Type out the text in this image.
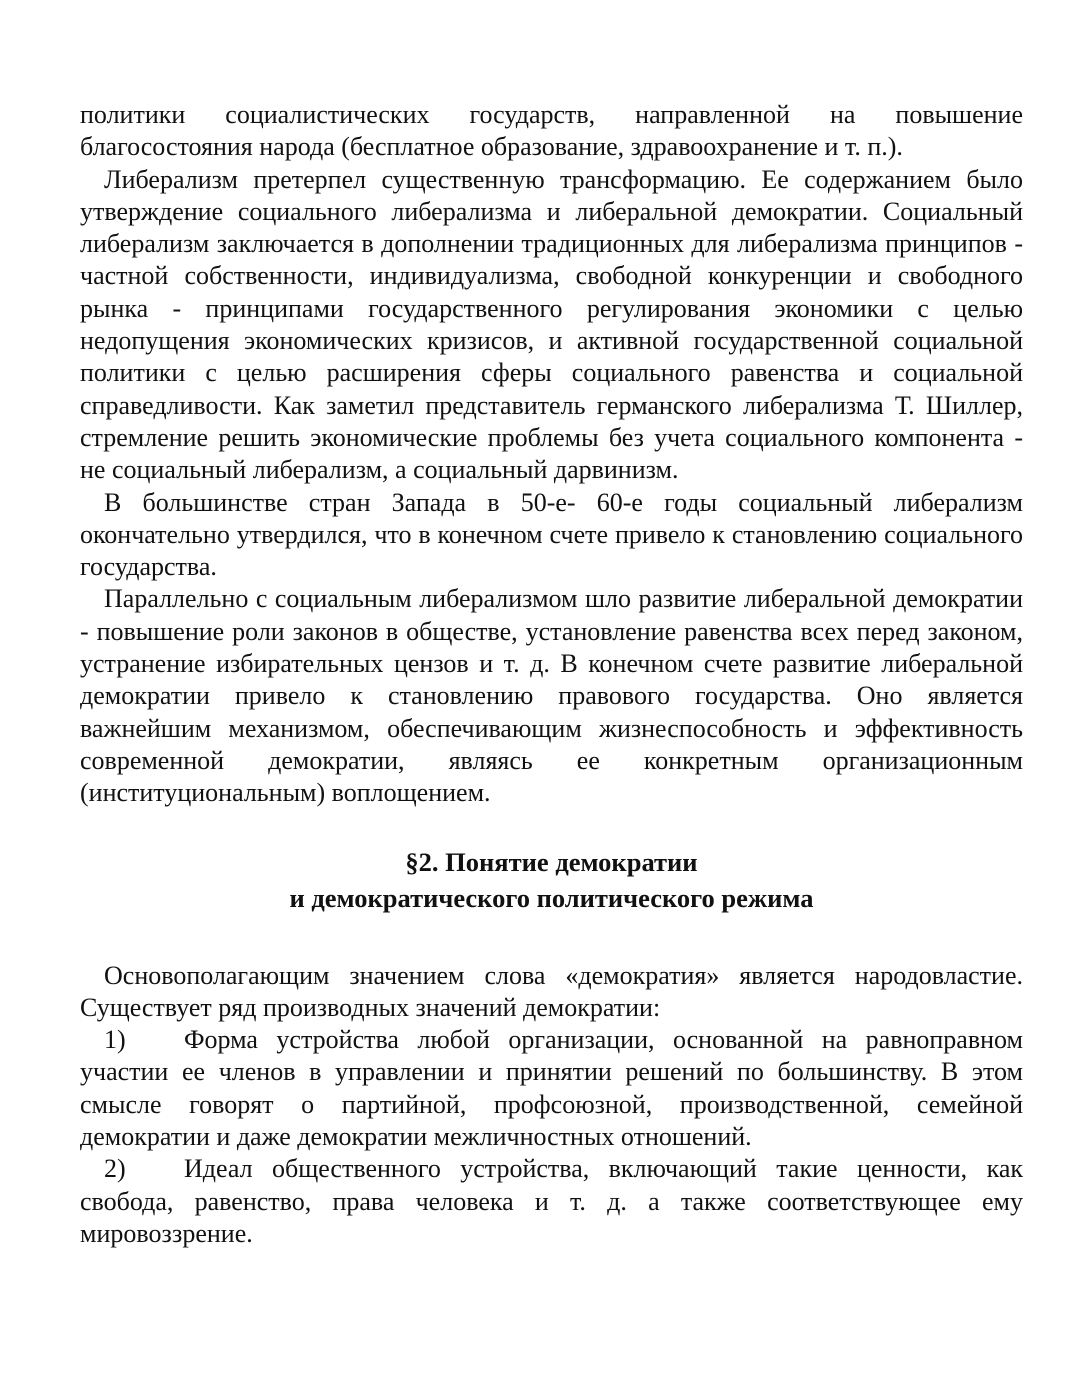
политики социалистических государств, направленной на повышение благосостояния народа (бесплатное образование, здравоохранение и т. п.).

Либерализм претерпел существенную трансформацию. Ее содержанием было утверждение социального либерализма и либеральной демократии. Социальный либерализм заключается в дополнении традиционных для либерализма принципов - частной собственности, индивидуализма, свободной конкуренции и свободного рынка - принципами государственного регулирования экономики с целью недопущения экономических кризисов, и активной государственной социальной политики с целью расширения сферы социального равенства и социальной справедливости. Как заметил представитель германского либерализма Т. Шиллер, стремление решить экономические проблемы без учета социального компонента - не социальный либерализм, а социальный дарвинизм.

В большинстве стран Запада в 50-е- 60-е годы социальный либерализм окончательно утвердился, что в конечном счете привело к становлению социального государства.

Параллельно с социальным либерализмом шло развитие либеральной демократии - повышение роли законов в обществе, установление равенства всех перед законом, устранение избирательных цензов и т. д. В конечном счете развитие либеральной демократии привело к становлению правового государства. Оно является важнейшим механизмом, обеспечивающим жизнеспособность и эффективность современной демократии, являясь ее конкретным организационным (институциональным) воплощением.

§2. Понятие демократии
и демократического политического режима

Основополагающим значением слова «демократия» является народовластие. Существует ряд производных значений демократии:

1) Форма устройства любой организации, основанной на равноправном участии ее членов в управлении и принятии решений по большинству. В этом смысле говорят о партийной, профсоюзной, производственной, семейной демократии и даже демократии межличностных отношений.

2) Идеал общественного устройства, включающий такие ценности, как свобода, равенство, права человека и т. д. а также соответствующее ему мировоззрение.
